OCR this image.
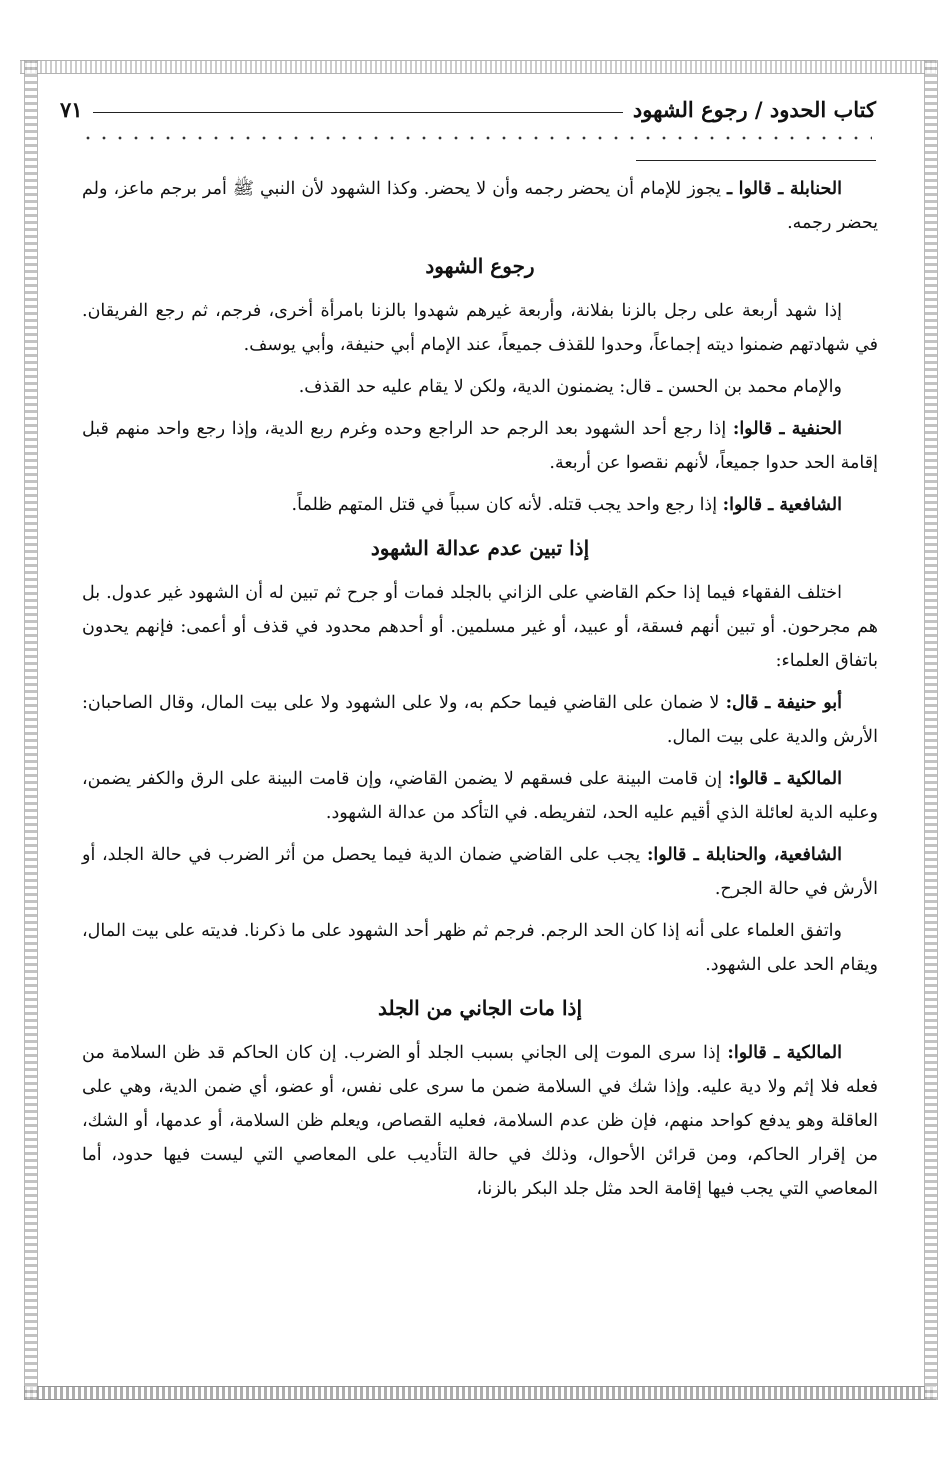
كتاب الحدود / رجوع الشهود
٧١

الحنابلة ـ قالوا ـ يجوز للإمام أن يحضر رجمه وأن لا يحضر. وكذا الشهود لأن النبي ﷺ أمر برجم ماعز، ولم يحضر رجمه.

رجوع الشهود

إذا شهد أربعة على رجل بالزنا بفلانة، وأربعة غيرهم شهدوا بالزنا بامرأة أخرى، فرجم، ثم رجع الفريقان. في شهادتهم ضمنوا ديته إجماعاً، وحدوا للقذف جميعاً، عند الإمام أبي حنيفة، وأبي يوسف.

والإمام محمد بن الحسن ـ قال: يضمنون الدية، ولكن لا يقام عليه حد القذف.

الحنفية ـ قالوا: إذا رجع أحد الشهود بعد الرجم حد الراجع وحده وغرم ربع الدية، وإذا رجع واحد منهم قبل إقامة الحد حدوا جميعاً، لأنهم نقصوا عن أربعة.

الشافعية ـ قالوا: إذا رجع واحد يجب قتله. لأنه كان سبباً في قتل المتهم ظلماً.

إذا تبين عدم عدالة الشهود

اختلف الفقهاء فيما إذا حكم القاضي على الزاني بالجلد فمات أو جرح ثم تبين له أن الشهود غير عدول. بل هم مجرحون. أو تبين أنهم فسقة، أو عبيد، أو غير مسلمين. أو أحدهم محدود في قذف أو أعمى: فإنهم يحدون باتفاق العلماء:

أبو حنيفة ـ قال: لا ضمان على القاضي فيما حكم به، ولا على الشهود ولا على بيت المال، وقال الصاحبان: الأرش والدية على بيت المال.

المالكية ـ قالوا: إن قامت البينة على فسقهم لا يضمن القاضي، وإن قامت البينة على الرق والكفر يضمن، وعليه الدية لعائلة الذي أقيم عليه الحد، لتفريطه. في التأكد من عدالة الشهود.

الشافعية، والحنابلة ـ قالوا: يجب على القاضي ضمان الدية فيما يحصل من أثر الضرب في حالة الجلد، أو الأرش في حالة الجرح.

واتفق العلماء على أنه إذا كان الحد الرجم. فرجم ثم ظهر أحد الشهود على ما ذكرنا. فديته على بيت المال، ويقام الحد على الشهود.

إذا مات الجاني من الجلد

المالكية ـ قالوا: إذا سرى الموت إلى الجاني بسبب الجلد أو الضرب. إن كان الحاكم قد ظن السلامة من فعله فلا إثم ولا دية عليه. وإذا شك في السلامة ضمن ما سرى على نفس، أو عضو، أي ضمن الدية، وهي على العاقلة وهو يدفع كواحد منهم، فإن ظن عدم السلامة، فعليه القصاص، ويعلم ظن السلامة، أو عدمها، أو الشك، من إقرار الحاكم، ومن قرائن الأحوال، وذلك في حالة التأديب على المعاصي التي ليست فيها حدود، أما المعاصي التي يجب فيها إقامة الحد مثل جلد البكر بالزنا،
